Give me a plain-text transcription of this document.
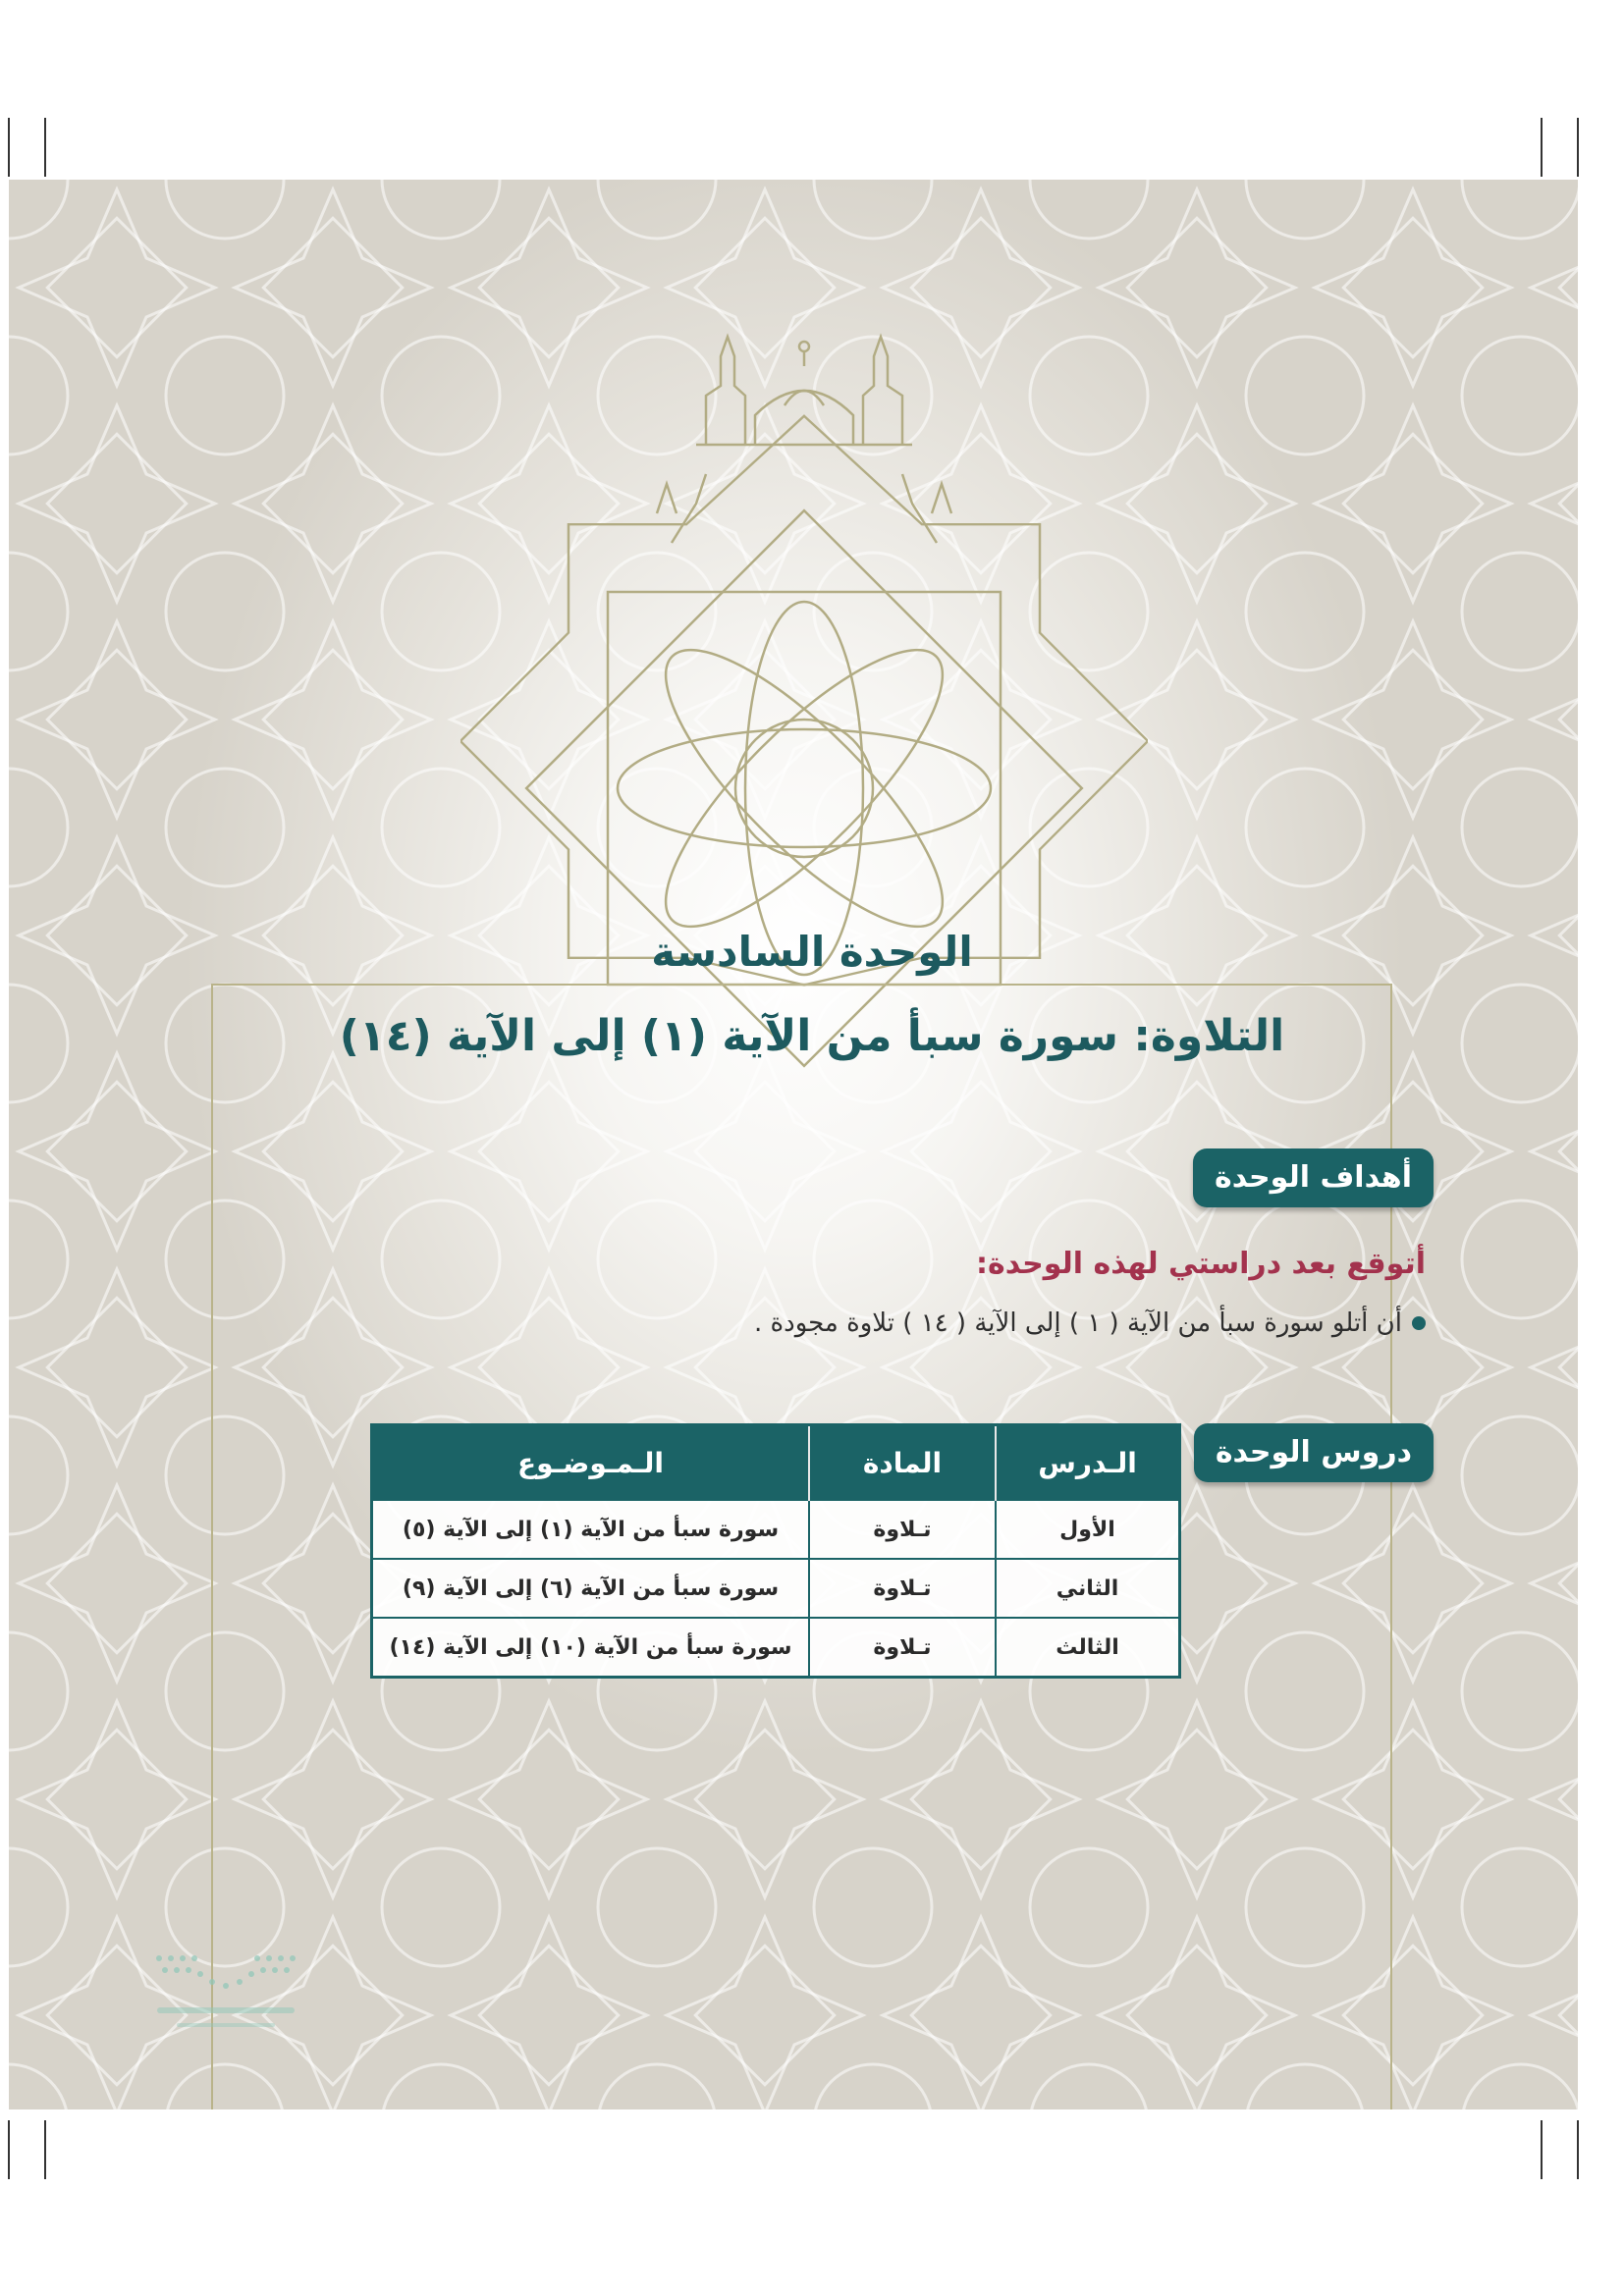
الوحدة السادسة
التلاوة: سورة سبأ من الآية (١) إلى الآية (١٤)
أهداف الوحدة

أتوقع بعد دراستي لهذه الوحدة:

أن أتلو سورة سبأ من الآية ( ١ ) إلى الآية ( ١٤ ) تلاوة مجودة .

دروس الوحدة
الـدرس	المادة	الـمـوضـوع
الأول	تـلاوة	سورة سبأ من الآية (١) إلى الآية (٥)
الثاني	تـلاوة	سورة سبأ من الآية (٦) إلى الآية (٩)
الثالث	تـلاوة	سورة سبأ من الآية (١٠) إلى الآية (١٤)
